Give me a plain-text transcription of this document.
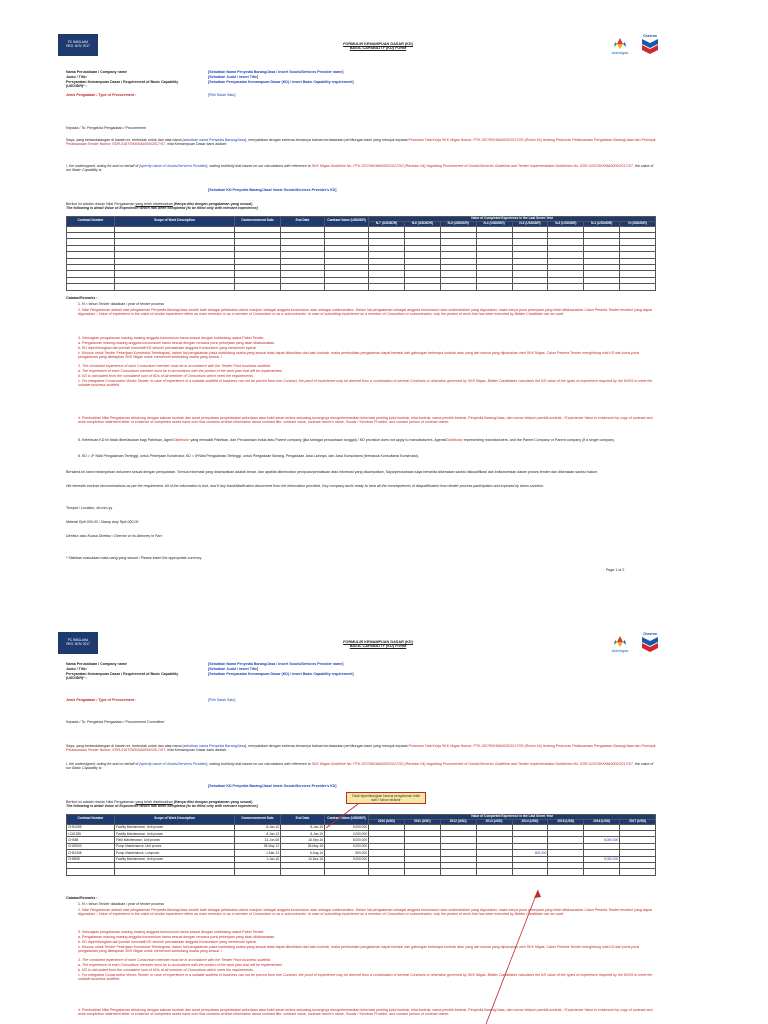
PC IMIGLAHA
REG. NOV 2017	FORMULIR KEMAMPUAN DASAR (KD)
BASIC CAPABILITY (KD) FORM
skkmigas
Chevron
Nama Perusahaan / Company name	[Sebutkan Nama Penyedia Barang/Jasa / insert Goods/Services Provider name]
Judul / Title:	[Sebutkan Judul / insert Title]
Persyaratan Kemampuan Dasar / Requirement of Basic Capability (USD/IDR)* :
[Sebutkan Persyaratan Kemampuan Dasar (KD) / insert Basic Capability requirement]
Jenis Pengadaan / Type of Procurement :	[Pilih Salah Satu]
Kepada / To: Pengelola Pengadaan / Procurement
Saya, yang bertandatangan di bawah ini, bertindak untuk dan atas nama [sebutkan nama Penyedia Barang/Jasa], menyatakan dengan sebenar-benarnya bahwa berdasarkan perhitungan kami yang merujuk kepada Pedoman Tata Kerja SKK Migas Nomor: PTK-007/SKKMA0000/2017/S0 (Revisi 04) tentang Pedoman Pelaksanaan Pengadaan Barang/Jasa dan Petunjuk Pelaksanaan Tender Nomor: EDR-0167/SKKMA0000/2017/S7, nilai Kemampuan Dasar kami adalah:
I, the undersigned, acting for and on behalf of [specify name of Goods/Services Provider], stating truthfully that based on our calculations with reference to SKK Migas Guideline No. PTK-007/SKKMA0000/2017/S0 (Revision 04) regarding Procurement of Goods/Services Guideline and Tender Implementation Guidelines No. EDR-0167/SKKMA0000/2017/S7, the value of our Basic Capability is:
[Sebutkan KD Penyedia Barang/Jasa/ insert Goods/Services Provider's KD]
Berikut ini adalah rincian Nilai Pengalaman yang telah diselesaikan (Hanya diisi dengan pengalaman yang sesuai)
The following is detail Value of Experience which has been completed (to be filled only with relevant experience)
Contract Number	Scope of Work Description	Commencement Date	End Date	Contract Value (USD/IDR)	Value of Completed Experience in the Last Seven Year							
					N-7 (USD/IDR)	N-6 (USD/IDR)	N-5 (USD/IDR)	N-4 (USD/IDR)	N-3 (USD/IDR)	N-2 (USD/IDR)	N-1 (USD/IDR)	N (USD/IDR)

Catatan/Remarks :
1. N = tahun Tender diadakan / year of tender process
2. Nilai Pengalaman adalah nilai pengalaman Penyedia Barang/Jasa sendiri baik sebagai pelaksana utama maupun sebagai anggota konsorsium atau sebagai subkontraktor. Dalam hal pengalaman sebagai anggota konsorsium atau subkontraktor yang digunakan, maka hanya porsi pekerjaan yang telah dilaksanakan Calon Peserta Tender tersebut yang dapat digunakan. / Value of experience is the value of similar experience either as main executor or as a member of Consortium or as a subcontractor. In case of submitting experience as a member of Consortium or subcontractor, only the portion of work that has been executed by Bidder Candidate can be used.
3. Sebuagian pengalaman masing-masing anggota konsorsium harus sesuai dengan subbidang usaha Paket Tender.
a. Pengalaman masing-masing anggota konsorsium harus sesuai dengan rencana porsi pekerjaan yang akan dilaksanakan.
b. KD diperhitungkan dari jumlah kumulatif KD seluruh perusahaan anggota Konsorsium yang memenuhi syarat.
c. Khusus untuk Tender Pekerjaan Konstruksi Terintegrasi, dalam hal pengalaman pada subbidang usaha yang sesuai tidak dapat dibuktikan dari satu kontrak, maka pembuktian pengalaman dapat berasal dari gabungan beberapa kontrak atau yang lain sesuai yang diputuskan oleh SKK Migas. Calon Peserta Tender menghitung nilai KD dari porsi-porsi pengalaman yang ditetapkan SKK Migas untuk memenuhi subbidang usaha yang sesuai. /
3. The combined experience of each Consortium member must be in accordance with the Tender Pack business subfield.
a. The experience of each Consortium member must be in accordance with the portion of the work plan that will be implemented.
b. KD is calculated from the cumulative sum of KDs of all member of Consortium which meet the requirements.
c. For integrated Construction Works Tender, in case of experience in a suitable subfield of business can not be proven from one Contract, the proof of experience may be derived from a combination of several Contracts or otherwise governed by SKK Migas. Bidder Candidates calculates the KD value of the types of experience required by the KKKS to meet the suitable business subfield.
4. Pembuktian Nilai Pengalaman didukung dengan salinan kontrak dan surat pernyataan penyelesaian pekerjaan atau bukti serah terima sekurang-kurangnya menginformasikan informasi penting judul kontrak, nilai kontrak, nama pemilik kontrak, Penyedia Barang/Jasa, dan nomor telepon pemilik kontrak. / Experience Value is evidenced by copy of contract and work completion statement letter or evidence of completed works hand over that contains at least information about contract title, contract value, contract owner's name, Goods / Services Provider, and contact person of contract owner.
5. Ketentuan KD ini tidak diberlakukan bagi Pabrikan, Agen/Distributor yang mewakili Pabrikan, dan Perusahaan Induk atau Parent company (jika sebagai perusahaan tunggal) / KD provision does not apply to manufacturers, Agents/Distributor representing manufacturers, and the Parent Company or Parent company (if a single company.
6. KD = 3* Nilai Pengalaman Tertinggi, untuk Pekerjaan Konstruksi; KD = 5*Nilai Pengalaman Tertinggi, untuk Pengadaan Barang, Pengadaan Jasa Lainnya, dan Jasa Konsultansi (termasuk Konsultansi Konstruksi).
Bersama ini kami melampirkan dokumen sesuai dengan persyaratan. Semua informasi yang disampaikan adalah benar, dan apabila dikemudian penipuan/pemalsuan atas informasi yang disampaikan, Saya/perusahaan saya bersedia dikenakan sanksi diskualifikasi dari keikutsertaan dalam proses tender dan dikenakan sanksi hukum.
We herewith enclose documentations as per the requirement. All of the information is true, and if any fraud/falsification discovered from the information provided, I/my company am/is ready to bear all the consequences of disqualification from tender process participation and imposed by taken sanction.
Tempat / Location, dd-mm-yy
Meterai Rp6.000,00 / Stamp duty Rp6.000,00
Direktur atau Kuasa Direktur / Director or Its Attorney in Fact
* Silahkan masukkan mata uang yang sesuai / Please insert the appropriate currency
Page 1 of 2
PC IMIGLAHA
REG. NOV 2017	FORMULIR KEMAMPUAN DASAR (KD)
BASIC CAPABILITY (KD) FORM
skkmigas
Chevron
Nama Perusahaan / Company name	[Sebutkan Nama Penyedia Barang/Jasa / insert Goods/Services Provider name]
Judul / Title:	[Sebutkan Judul / insert Title]
Persyaratan Kemampuan Dasar / Requirement of Basic Capability (USD/IDR)* :
[Sebutkan Persyaratan Kemampuan Dasar (KD) / insert Basic Capability requirement]
Jenis Pengadaan / Type of Procurement :	[Pilih Salah Satu]
Kepada / To: Pengelola Pengadaan / Procurement Committee
Saya, yang bertandatangan di bawah ini, bertindak untuk dan atas nama [sebutkan nama Penyedia Barang/Jasa], menyatakan dengan sebenar-benarnya bahwa berdasarkan perhitungan kami yang merujuk kepada Pedoman Tata Kerja SKK Migas Nomor: PTK-007/SKKMA0000/2017/S0 (Revisi 04) tentang Pedoman Pelaksanaan Pengadaan Barang/Jasa dan Petunjuk Pelaksanaan Tender Nomor: EDR-0167/SKKMA0000/2017/S7, nilai Kemampuan Dasar kami adalah:
I, the undersigned, acting for and on behalf of [specify name of Goods/Services Provider], stating truthfully that based on our calculations with reference to SKK Migas Guideline No. PTK-007/SKKMA0000/2017/S0 (Revision 04) regarding Procurement of Goods/Services Guideline and Tender Implementation Guidelines No. EDR-0167/SKKMA0000/2017/S7, the value of our Basic Capability is:
[Sebutkan KD Penyedia Barang/Jasa/ insert Goods/Services Provider's KD]
Tidak diperhitungkan karena pengalaman lebih dari 7 tahun terakhir
Berikut ini adalah rincian Nilai Pengalaman yang telah diselesaikan (Hanya diisi dengan pengalaman yang sesuai)
The following is detail Value of Experience which has been completed (to be filled only with relevant experience)
Contract Number	Scope of Work Description	Commencement Date	End Date	Contract Value (USD/IDR)	Value of Completed Experience in the Last Seven Year							
					2010 (USD)	2011 (USD)	2012 (USD)	2013 (USD)	2014 (USD)	2015 (USD)	2016 (USD)	2017 (USD)
CH91285	Facility Maintenance, Unit proses	8-Jan-10	8-Jan-15	5,000,000								
LC61285	Facility Maintenance, Unit proses	8-Jan-13	8-Jan-15	2,000,000								
CHS85	Field Maintenance, Unit proses	13-Jun-08	18-Sep-16	8,000,000							8,000,000	
CH25533	Pump Maintenance, Unit proses	28-May-12	28-May-18	5,000,000								
CH51358	Pump Maintenance, Lumpsum	1-Mar-13	5-Aug-15	800,000					800,000			
CH9898	Facility Maintenance, Unit proses	1-Jan-16	10-Dec-16	9,000,000							9,000,000	

Catatan/Remarks :
1. N = tahun Tender diadakan / year of tender process
2. Nilai Pengalaman adalah nilai pengalaman Penyedia Barang/Jasa sendiri baik sebagai pelaksana utama maupun sebagai anggota konsorsium atau sebagai subkontraktor. Dalam hal pengalaman sebagai anggota konsorsium atau subkontraktor yang digunakan, maka hanya porsi pekerjaan yang telah dilaksanakan Calon Peserta Tender tersebut yang dapat digunakan. / Value of experience is the value of similar experience either as main executor or as a member of Consortium or as a subcontractor. In case of submitting experience as a member of Consortium or subcontractor, only the portion of work that has been executed by Bidder Candidate can be used.
3. Sebuagian pengalaman masing-masing anggota konsorsium harus sesuai dengan subbidang usaha Paket Tender.
a. Pengalaman masing-masing anggota konsorsium harus sesuai dengan rencana porsi pekerjaan yang akan dilaksanakan.
b. KD diperhitungkan dari jumlah kumulatif KD seluruh perusahaan anggota Konsorsium yang memenuhi syarat.
c. Khusus untuk Tender Pekerjaan Konstruksi Terintegrasi, dalam hal pengalaman pada subbidang usaha yang sesuai tidak dapat dibuktikan dari satu kontrak, maka pembuktian pengalaman dapat berasal dari gabungan beberapa kontrak atau yang lain sesuai yang diputuskan oleh SKK Migas. Calon Peserta Tender menghitung nilai KD dari porsi-porsi pengalaman yang ditetapkan SKK Migas untuk memenuhi subbidang usaha yang sesuai. /
3. The combined experience of each Consortium member must be in accordance with the Tender Pack business subfield.
a. The experience of each Consortium member must be in accordance with the portion of the work plan that will be implemented.
b. KD is calculated from the cumulative sum of KDs of all member of Consortium which meet the requirements.
c. For integrated Construction Works Tender, in case of experience in a suitable subfield of business can not be proven from one Contract, the proof of experience may be derived from a combination of several Contracts or otherwise governed by SKK Migas. Bidder Candidates calculates the KD value of the types of experience required by the KKKS to meet the suitable business subfield.
4. Pembuktian Nilai Pengalaman didukung dengan salinan kontrak dan surat pernyataan penyelesaian pekerjaan atau bukti serah terima sekurang-kurangnya menginformasikan informasi penting judul kontrak, nilai kontrak, nama pemilik kontrak, Penyedia Barang/Jasa, dan nomor telepon pemilik kontrak. / Experience Value is evidenced by copy of contract and work completion statement letter or evidence of completed works hand over that contains at least information about contract title, contract value, contract owner's name, Goods / Services Provider, and contact person of contract owner.
